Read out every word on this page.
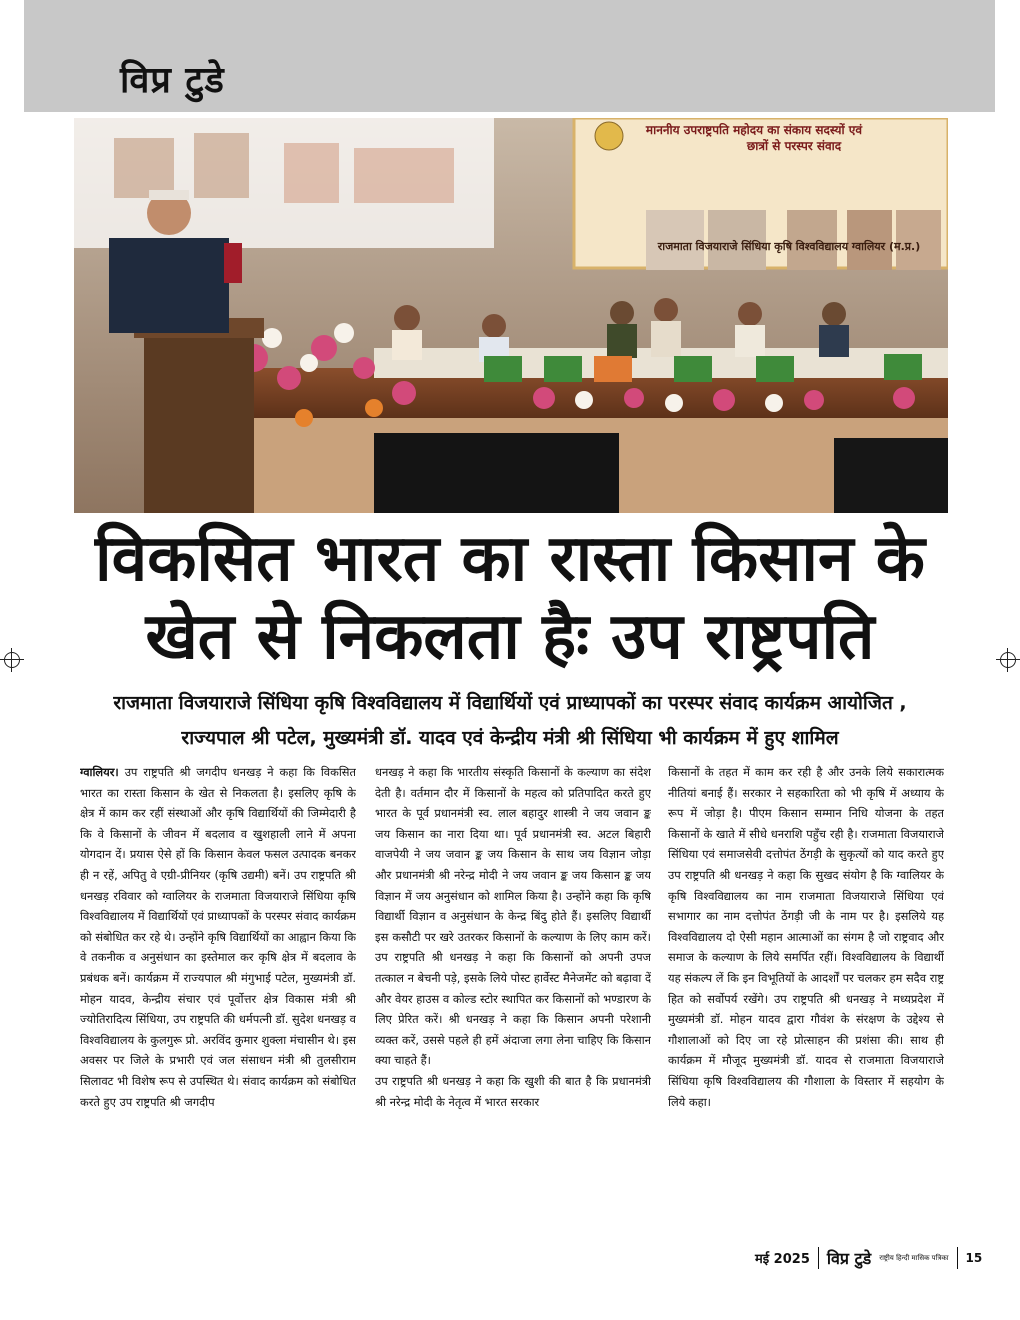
विप्र टुडे
माननीय उपराष्ट्रपति महोदय का संकाय सदस्यों एवं
छात्रों से परस्पर संवाद
राजमाता विजयाराजे सिंधिया कृषि विश्वविद्यालय ग्वालियर (म.प्र.)
विकसित भारत का रास्ता किसान के
खेत से निकलता हैः उप राष्ट्रपति
राजमाता विजयाराजे सिंधिया कृषि विश्वविद्यालय में विद्यार्थियों एवं प्राध्यापकों का परस्पर संवाद कार्यक्रम आयोजित ,
राज्यपाल श्री पटेल, मुख्यमंत्री डॉ. यादव एवं केन्द्रीय मंत्री श्री सिंधिया भी कार्यक्रम में हुए शामिल

ग्वालियर। उप राष्ट्रपति श्री जगदीप धनखड़ ने कहा कि विकसित भारत का रास्ता किसान के खेत से निकलता है। इसलिए कृषि के क्षेत्र में काम कर रहीं संस्थाओं और कृषि विद्यार्थियों की जिम्मेदारी है कि वे किसानों के जीवन में बदलाव व खुशहाली लाने में अपना योगदान दें। प्रयास ऐसे हों कि किसान केवल फसल उत्पादक बनकर ही न रहें, अपितु वे एग्री-प्रीनियर (कृषि उद्यमी) बनें। उप राष्ट्रपति श्री धनखड़ रविवार को ग्वालियर के राजमाता विजयाराजे सिंधिया कृषि विश्वविद्यालय में विद्यार्थियों एवं प्राध्यापकों के परस्पर संवाद कार्यक्रम को संबोधित कर रहे थे। उन्होंने कृषि विद्यार्थियों का आह्वान किया कि वे तकनीक व अनुसंधान का इस्तेमाल कर कृषि क्षेत्र में बदलाव के प्रबंधक बनें। कार्यक्रम में राज्यपाल श्री मंगुभाई पटेल, मुख्यमंत्री डॉ. मोहन यादव, केन्द्रीय संचार एवं पूर्वोत्तर क्षेत्र विकास मंत्री श्री ज्योतिरादित्य सिंधिया, उप राष्ट्रपति की धर्मपत्नी डॉ. सुदेश धनखड़ व विश्वविद्यालय के कुलगुरू प्रो. अरविंद कुमार शुक्ला मंचासीन थे। इस अवसर पर जिले के प्रभारी एवं जल संसाधन मंत्री श्री तुलसीराम सिलावट भी विशेष रूप से उपस्थित थे। संवाद कार्यक्रम को संबोधित करते हुए उप राष्ट्रपति श्री जगदीप

धनखड़ ने कहा कि भारतीय संस्कृति किसानों के कल्याण का संदेश देती है। वर्तमान दौर में किसानों के महत्व को प्रतिपादित करते हुए भारत के पूर्व प्रधानमंत्री स्व. लाल बहादुर शास्त्री ने जय जवान ङ्क जय किसान का नारा दिया था। पूर्व प्रधानमंत्री स्व. अटल बिहारी वाजपेयी ने जय जवान ङ्क जय किसान के साथ जय विज्ञान जोड़ा और प्रधानमंत्री श्री नरेन्द्र मोदी ने जय जवान ङ्क जय किसान ङ्क जय विज्ञान में जय अनुसंधान को शामिल किया है। उन्होंने कहा कि कृषि विद्यार्थी विज्ञान व अनुसंधान के केन्द्र बिंदु होते हैं। इसलिए विद्यार्थी इस कसौटी पर खरे उतरकर किसानों के कल्याण के लिए काम करें। उप राष्ट्रपति श्री धनखड़ ने कहा कि किसानों को अपनी उपज तत्काल न बेचनी पड़े, इसके लिये पोस्ट हार्वेस्ट मैनेजमेंट को बढ़ावा दें और वेयर हाउस व कोल्ड स्टोर स्थापित कर किसानों को भण्डारण के लिए प्रेरित करें। श्री धनखड़ ने कहा कि किसान अपनी परेशानी व्यक्त करें, उससे पहले ही हमें अंदाजा लगा लेना चाहिए कि किसान क्या चाहते हैं।

उप राष्ट्रपति श्री धनखड़ ने कहा कि खुशी की बात है कि प्रधानमंत्री श्री नरेन्द्र मोदी के नेतृत्व में भारत सरकार

किसानों के तहत में काम कर रही है और उनके लिये सकारात्मक नीतियां बनाई हैं। सरकार ने सहकारिता को भी कृषि में अध्याय के रूप में जोड़ा है। पीएम किसान सम्मान निधि योजना के तहत किसानों के खाते में सीधे धनराशि पहुँच रही है। राजमाता विजयाराजे सिंधिया एवं समाजसेवी दत्तोपंत ठेंगड़ी के सुकृत्यों को याद करते हुए उप राष्ट्रपति श्री धनखड़ ने कहा कि सुखद संयोग है कि ग्वालियर के कृषि विश्वविद्यालय का नाम राजमाता विजयाराजे सिंधिया एवं सभागार का नाम दत्तोपंत ठेंगड़ी जी के नाम पर है। इसलिये यह विश्वविद्यालय दो ऐसी महान आत्माओं का संगम है जो राष्ट्रवाद और समाज के कल्याण के लिये समर्पित रहीं। विश्वविद्यालय के विद्यार्थी यह संकल्प लें कि इन विभूतियों के आदर्शों पर चलकर हम सदैव राष्ट्र हित को सर्वोपर्य रखेंगे। उप राष्ट्रपति श्री धनखड़ ने मध्यप्रदेश में मुख्यमंत्री डॉ. मोहन यादव द्वारा गौवंश के संरक्षण के उद्देश्य से गौशालाओं को दिए जा रहे प्रोत्साहन की प्रशंसा की। साथ ही कार्यक्रम में मौजूद मुख्यमंत्री डॉ. यादव से राजमाता विजयाराजे सिंधिया कृषि विश्वविद्यालय की गौशाला के विस्तार में सहयोग के लिये कहा।

मई 2025 विप्र टुडे राष्ट्रीय हिन्दी मासिक पत्रिका 15
